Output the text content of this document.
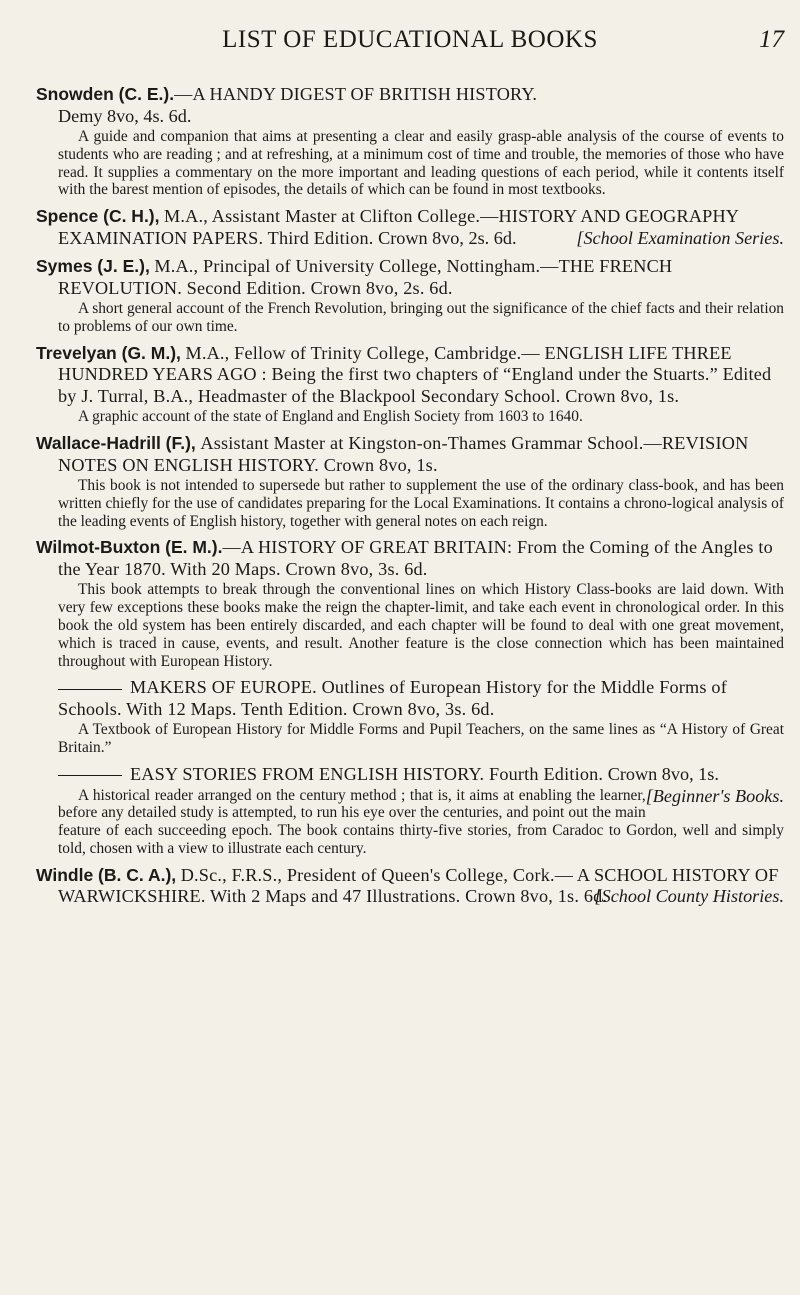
LIST OF EDUCATIONAL BOOKS	17

Snowden (C. E.).—A HANDY DIGEST OF BRITISH HISTORY.
Demy 8vo, 4s. 6d.

A guide and companion that aims at presenting a clear and easily grasp-able analysis of the course of events to students who are reading ; and at refreshing, at a minimum cost of time and trouble, the memories of those who have read. It supplies a commentary on the more important and leading questions of each period, while it contents itself with the barest mention of episodes, the details of which can be found in most textbooks.

Spence (C. H.), M.A., Assistant Master at Clifton College.—HISTORY AND GEOGRAPHY EXAMINATION PAPERS. Third Edition. Crown 8vo, 2s. 6d.	[School Examination Series.

Symes (J. E.), M.A., Principal of University College, Nottingham.—THE FRENCH REVOLUTION. Second Edition. Crown 8vo, 2s. 6d.

A short general account of the French Revolution, bringing out the significance of the chief facts and their relation to problems of our own time.

Trevelyan (G. M.), M.A., Fellow of Trinity College, Cambridge.— ENGLISH LIFE THREE HUNDRED YEARS AGO : Being the first two chapters of “England under the Stuarts.” Edited by J. Turral, B.A., Headmaster of the Blackpool Secondary School. Crown 8vo, 1s.

A graphic account of the state of England and English Society from 1603 to 1640.

Wallace-Hadrill (F.), Assistant Master at Kingston-on-Thames Grammar School.—REVISION NOTES ON ENGLISH HISTORY. Crown 8vo, 1s.

This book is not intended to supersede but rather to supplement the use of the ordinary class-book, and has been written chiefly for the use of candidates preparing for the Local Examinations. It contains a chrono-logical analysis of the leading events of English history, together with general notes on each reign.

Wilmot-Buxton (E. M.).—A HISTORY OF GREAT BRITAIN: From the Coming of the Angles to the Year 1870. With 20 Maps. Crown 8vo, 3s. 6d.

This book attempts to break through the conventional lines on which History Class-books are laid down. With very few exceptions these books make the reign the chapter-limit, and take each event in chronological order. In this book the old system has been entirely discarded, and each chapter will be found to deal with one great movement, which is traced in cause, events, and result. Another feature is the close connection which has been maintained throughout with European History.

MAKERS OF EUROPE. Outlines of European History for the Middle Forms of Schools. With 12 Maps. Tenth Edition. Crown 8vo, 3s. 6d.

A Textbook of European History for Middle Forms and Pupil Teachers, on the same lines as “A History of Great Britain.”

EASY STORIES FROM ENGLISH HISTORY. Fourth Edition. Crown 8vo, 1s.
[Beginner's Books.

A historical reader arranged on the century method ; that is, it aims at enabling the learner, before any detailed study is attempted, to run his eye over the centuries, and point out the main feature of each succeeding epoch. The book contains thirty-five stories, from Caradoc to Gordon, well and simply told, chosen with a view to illustrate each century.

Windle (B. C. A.), D.Sc., F.R.S., President of Queen's College, Cork.— A SCHOOL HISTORY OF WARWICKSHIRE. With 2 Maps and 47 Illustrations. Crown 8vo, 1s. 6d.
[School County Histories.
